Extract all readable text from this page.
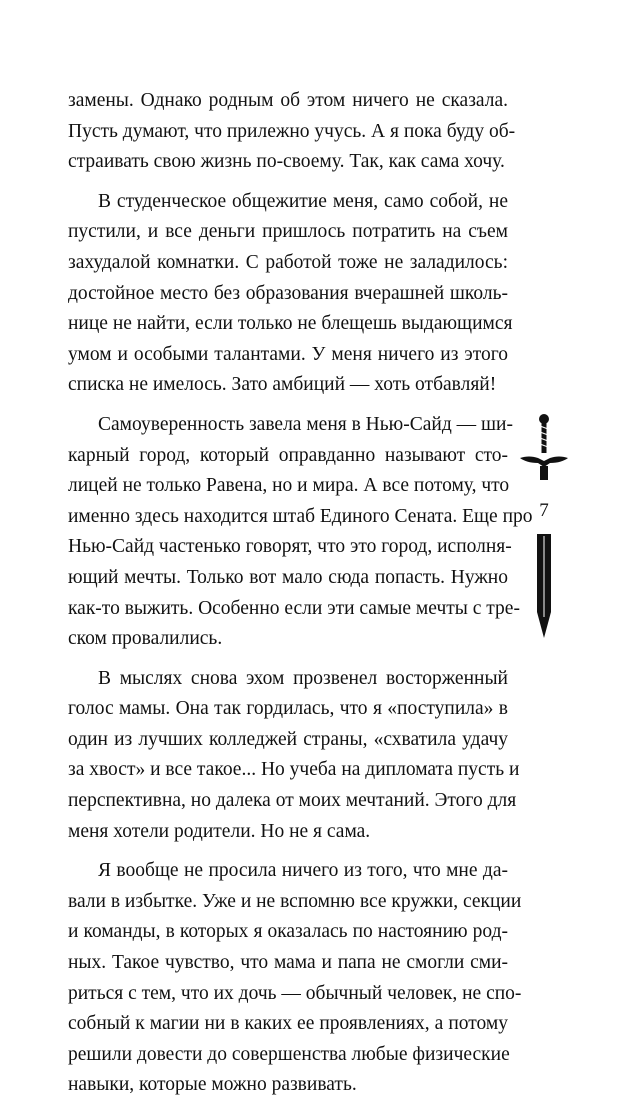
замены. Однако родным об этом ничего не сказала.
Пусть думают, что прилежно учусь. А я пока буду об-
страивать свою жизнь по-своему. Так, как сама хочу.
В студенческое общежитие меня, само собой, не
пустили, и все деньги пришлось потратить на съем
захудалой комнатки. С работой тоже не заладилось:
достойное место без образования вчерашней школь-
нице не найти, если только не блещешь выдающимся
умом и особыми талантами. У меня ничего из этого
списка не имелось. Зато амбиций — хоть отбавляй!
Самоуверенность завела меня в Нью-Сайд — ши-
карный город, который оправданно называют сто-
лицей не только Равена, но и мира. А все потому, что
именно здесь находится штаб Единого Сената. Еще про
Нью-Сайд частенько говорят, что это город, исполня-
ющий мечты. Только вот мало сюда попасть. Нужно
как-то выжить. Особенно если эти самые мечты с тре-
ском провалились.
В мыслях снова эхом прозвенел восторженный
голос мамы. Она так гордилась, что я «поступила» в
один из лучших колледжей страны, «схватила удачу
за хвост» и все такое... Но учеба на дипломата пусть и
перспективна, но далека от моих мечтаний. Этого для
меня хотели родители. Но не я сама.
Я вообще не просила ничего из того, что мне да-
вали в избытке. Уже и не вспомню все кружки, секции
и команды, в которых я оказалась по настоянию род-
ных. Такое чувство, что мама и папа не смогли сми-
риться с тем, что их дочь — обычный человек, не спо-
собный к магии ни в каких ее проявлениях, а потому
решили довести до совершенства любые физические
навыки, которые можно развивать.
7
